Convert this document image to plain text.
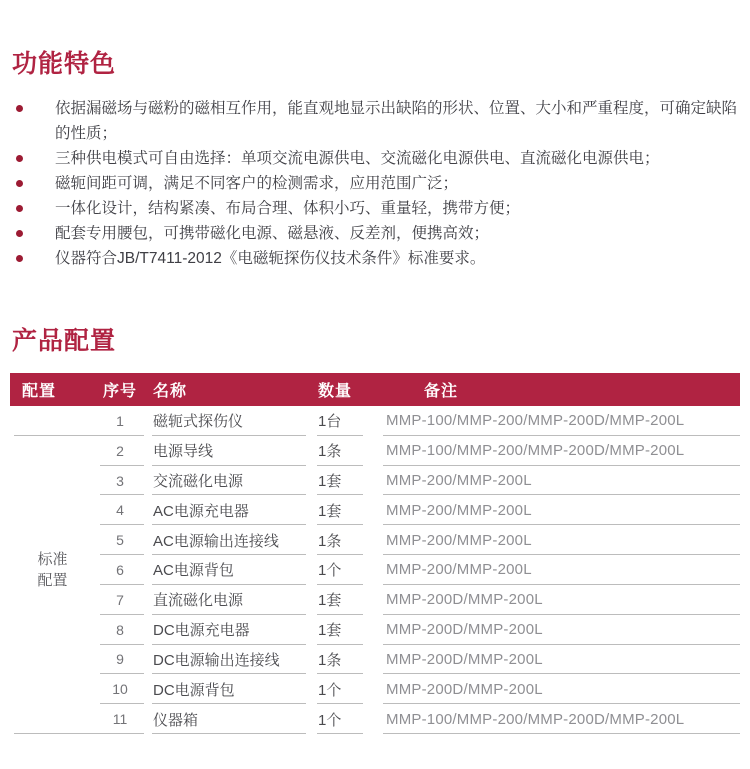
功能特色
依据漏磁场与磁粉的磁相互作用，能直观地显示出缺陷的形状、位置、大小和严重程度，可确定缺陷的性质；
三种供电模式可自由选择：单项交流电源供电、交流磁化电源供电、直流磁化电源供电；
磁轭间距可调，满足不同客户的检测需求，应用范围广泛；
一体化设计，结构紧凑、布局合理、体积小巧、重量轻，携带方便；
配套专用腰包，可携带磁化电源、磁悬液、反差剂，便携高效；
仪器符合JB/T7411-2012《电磁轭探伤仪技术条件》标准要求。
产品配置
配置	序号	名称	数量	备注
标准
配置
1	磁轭式探伤仪	1台	MMP-100/MMP-200/MMP-200D/MMP-200L
2	电源导线	1条	MMP-100/MMP-200/MMP-200D/MMP-200L
3	交流磁化电源	1套	MMP-200/MMP-200L
4	AC电源充电器	1套	MMP-200/MMP-200L
5	AC电源输出连接线	1条	MMP-200/MMP-200L
6	AC电源背包	1个	MMP-200/MMP-200L
7	直流磁化电源	1套	MMP-200D/MMP-200L
8	DC电源充电器	1套	MMP-200D/MMP-200L
9	DC电源输出连接线	1条	MMP-200D/MMP-200L
10	DC电源背包	1个	MMP-200D/MMP-200L
11	仪器箱	1个	MMP-100/MMP-200/MMP-200D/MMP-200L
